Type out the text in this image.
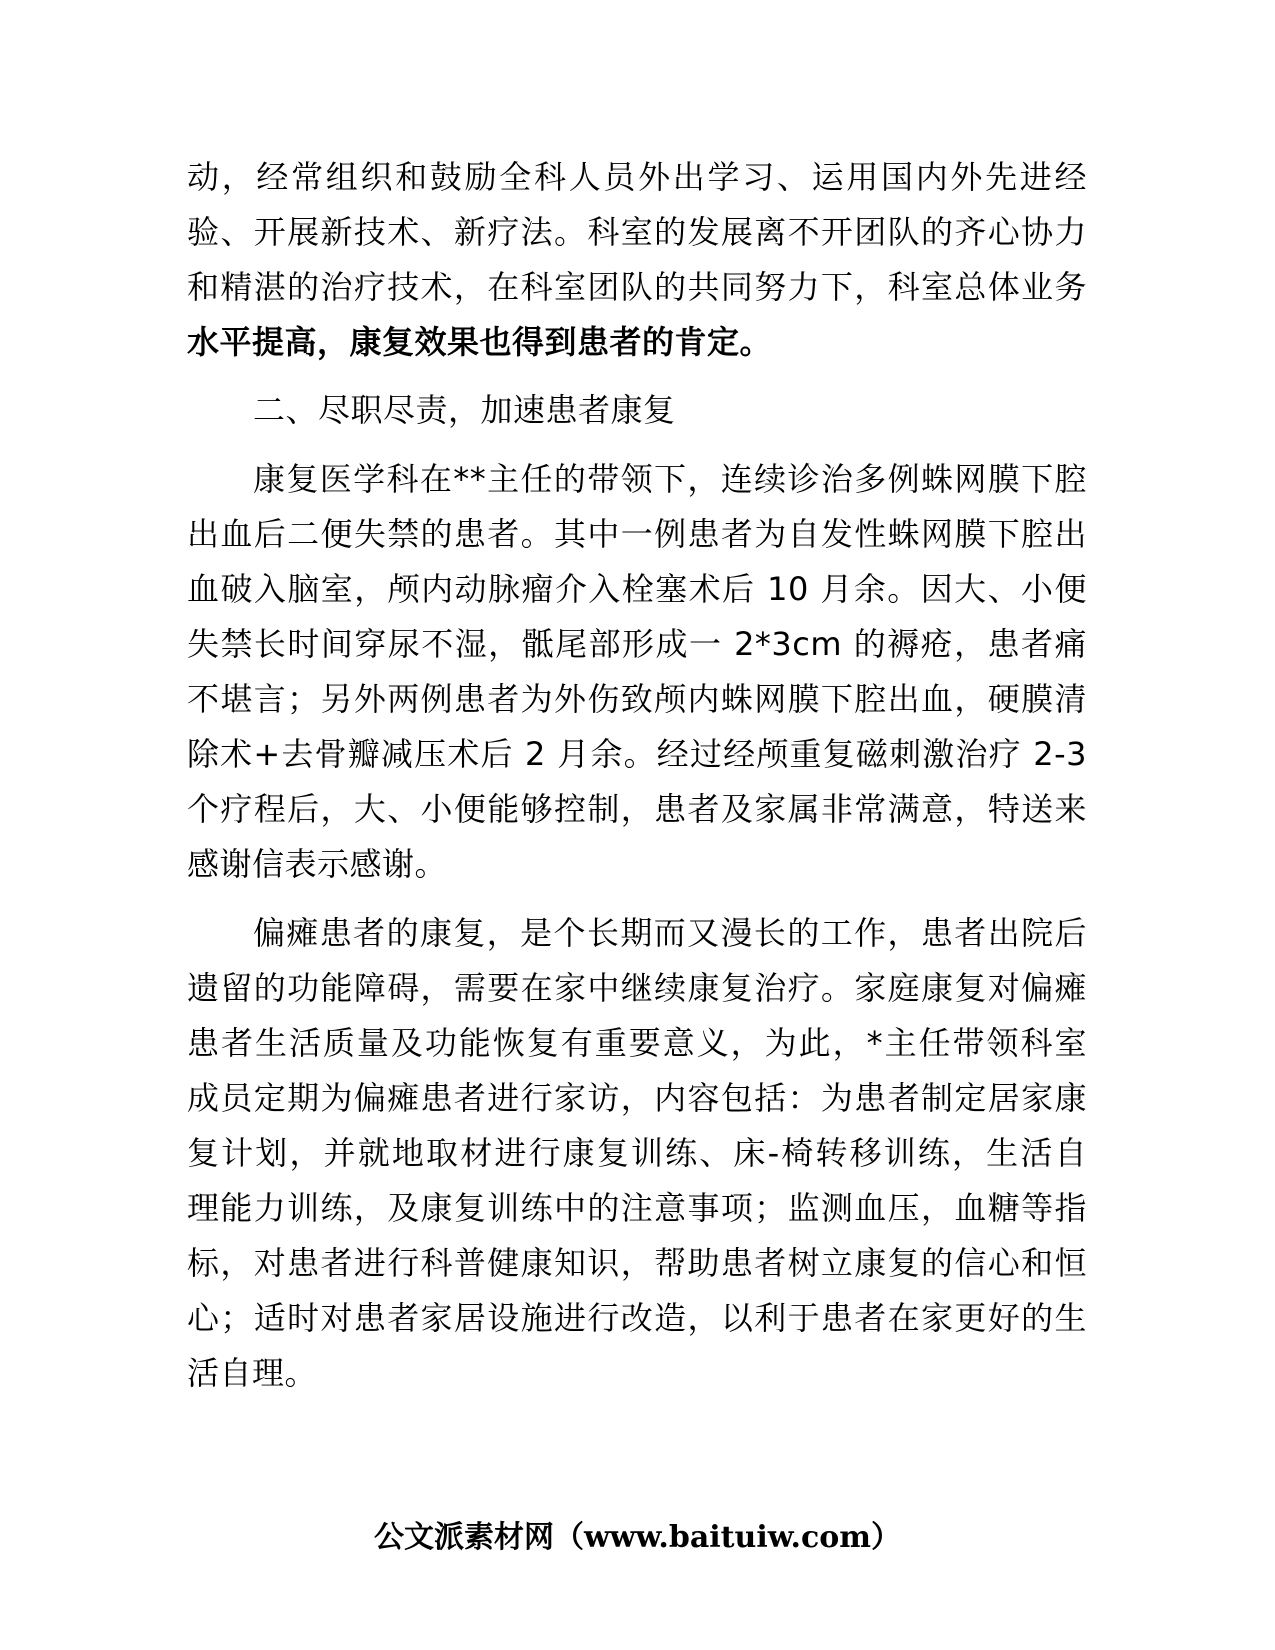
动，经常组织和鼓励全科人员外出学习、运用国内外先进经
验、开展新技术、新疗法。科室的发展离不开团队的齐心协力
和精湛的治疗技术，在科室团队的共同努力下，科室总体业务
水平提高，康复效果也得到患者的肯定。
二、尽职尽责，加速患者康复
康复医学科在**主任的带领下，连续诊治多例蛛网膜下腔
出血后二便失禁的患者。其中一例患者为自发性蛛网膜下腔出
血破入脑室，颅内动脉瘤介入栓塞术后 10 月余。因大、小便
失禁长时间穿尿不湿，骶尾部形成一 2*3cm 的褥疮，患者痛
不堪言；另外两例患者为外伤致颅内蛛网膜下腔出血，硬膜清
除术+去骨瓣减压术后 2 月余。经过经颅重复磁刺激治疗 2-3
个疗程后，大、小便能够控制，患者及家属非常满意，特送来
感谢信表示感谢。
偏瘫患者的康复，是个长期而又漫长的工作，患者出院后
遗留的功能障碍，需要在家中继续康复治疗。家庭康复对偏瘫
患者生活质量及功能恢复有重要意义，为此，*主任带领科室
成员定期为偏瘫患者进行家访，内容包括：为患者制定居家康
复计划，并就地取材进行康复训练、床-椅转移训练，生活自
理能力训练，及康复训练中的注意事项；监测血压，血糖等指
标，对患者进行科普健康知识，帮助患者树立康复的信心和恒
心；适时对患者家居设施进行改造，以利于患者在家更好的生
活自理。
公文派素材网（www.baituiw.com）
